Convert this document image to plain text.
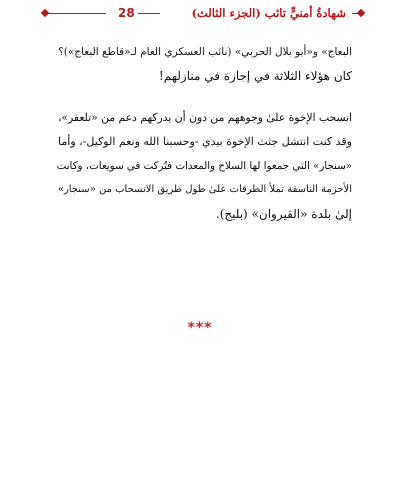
28	شهادةُ أمنيٍّ تائب (الجزء الثالث)
البعاج» و«أبو بلال الحربي» (نائب العسكري العام لـ«قاطع البعاج»)؟
كان هؤلاء الثلاثة في إجازة في منازلهم!
انسحب الإخوة علىٰ وجوههم من دون أن يدركهم دعم من «تلعفر»،
وقد كنت انتشل جثث الإخوة بيدي -وحسبنا الله ونعم الوكيل-، وأما
«سنجار» التي جمعوا لها السلاح والمعدات فتُركت في سويعات، وكانت
الأحزمة الناسفة تملأ الطرقات علىٰ طول طريق الانسحاب من «سنجار»
إلىٰ بلدة «القيروان» (بليج).
***
